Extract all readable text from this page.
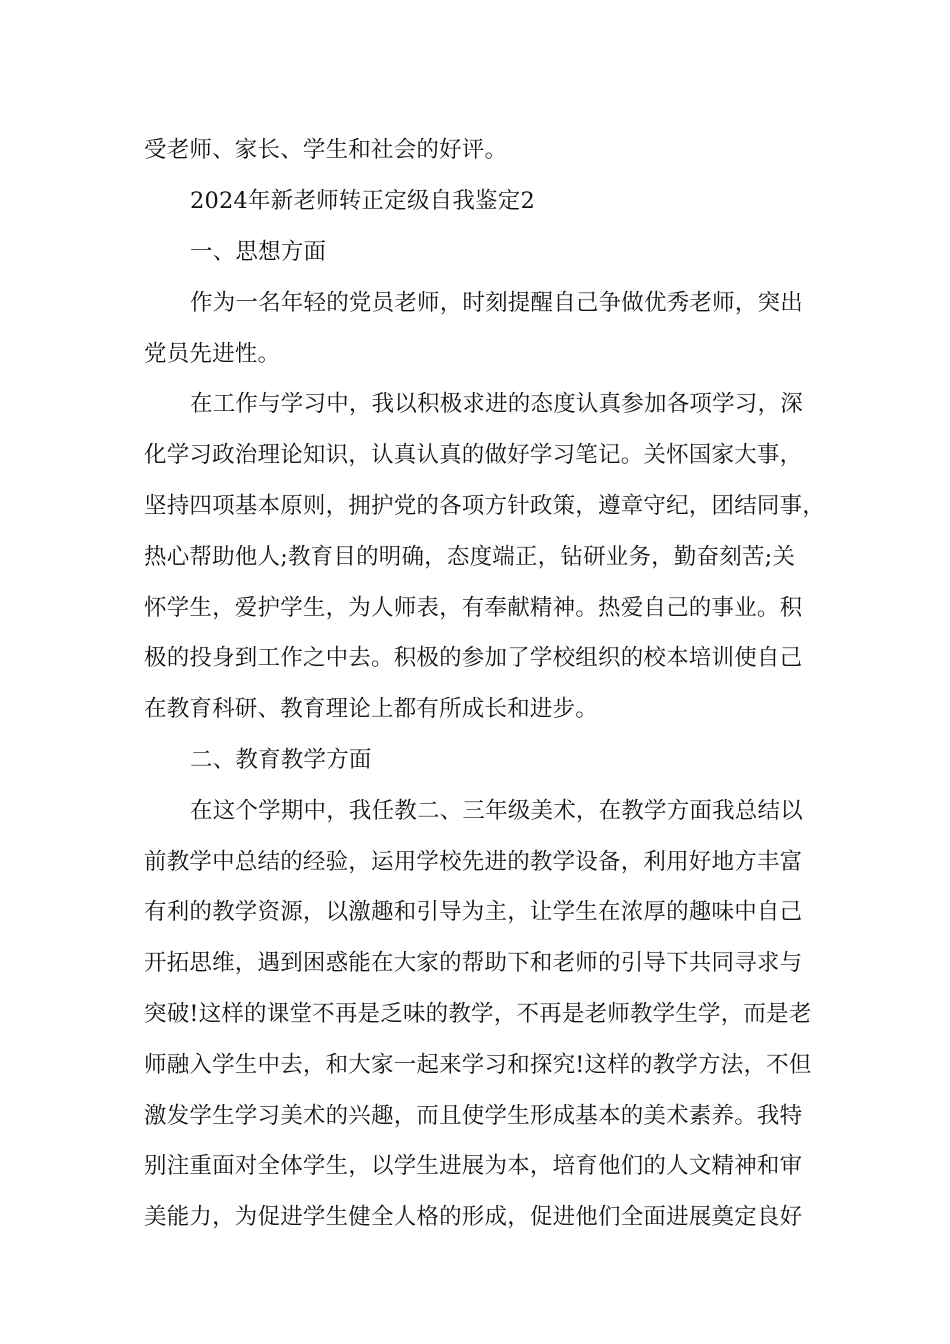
受老师、家长、学生和社会的好评。
2024年新老师转正定级自我鉴定2
一、思想方面
作为一名年轻的党员老师，时刻提醒自己争做优秀老师，突出
党员先进性。
在工作与学习中，我以积极求进的态度认真参加各项学习，深
化学习政治理论知识，认真认真的做好学习笔记。关怀国家大事，
坚持四项基本原则，拥护党的各项方针政策，遵章守纪，团结同事，
热心帮助他人;教育目的明确，态度端正，钻研业务，勤奋刻苦;关
怀学生，爱护学生，为人师表，有奉献精神。热爱自己的事业。积
极的投身到工作之中去。积极的参加了学校组织的校本培训使自己
在教育科研、教育理论上都有所成长和进步。
二、教育教学方面
在这个学期中，我任教二、三年级美术，在教学方面我总结以
前教学中总结的经验，运用学校先进的教学设备，利用好地方丰富
有利的教学资源，以激趣和引导为主，让学生在浓厚的趣味中自己
开拓思维，遇到困惑能在大家的帮助下和老师的引导下共同寻求与
突破!这样的课堂不再是乏味的教学，不再是老师教学生学，而是老
师融入学生中去，和大家一起来学习和探究!这样的教学方法，不但
激发学生学习美术的兴趣，而且使学生形成基本的美术素养。我特
别注重面对全体学生，以学生进展为本，培育他们的人文精神和审
美能力，为促进学生健全人格的形成，促进他们全面进展奠定良好
